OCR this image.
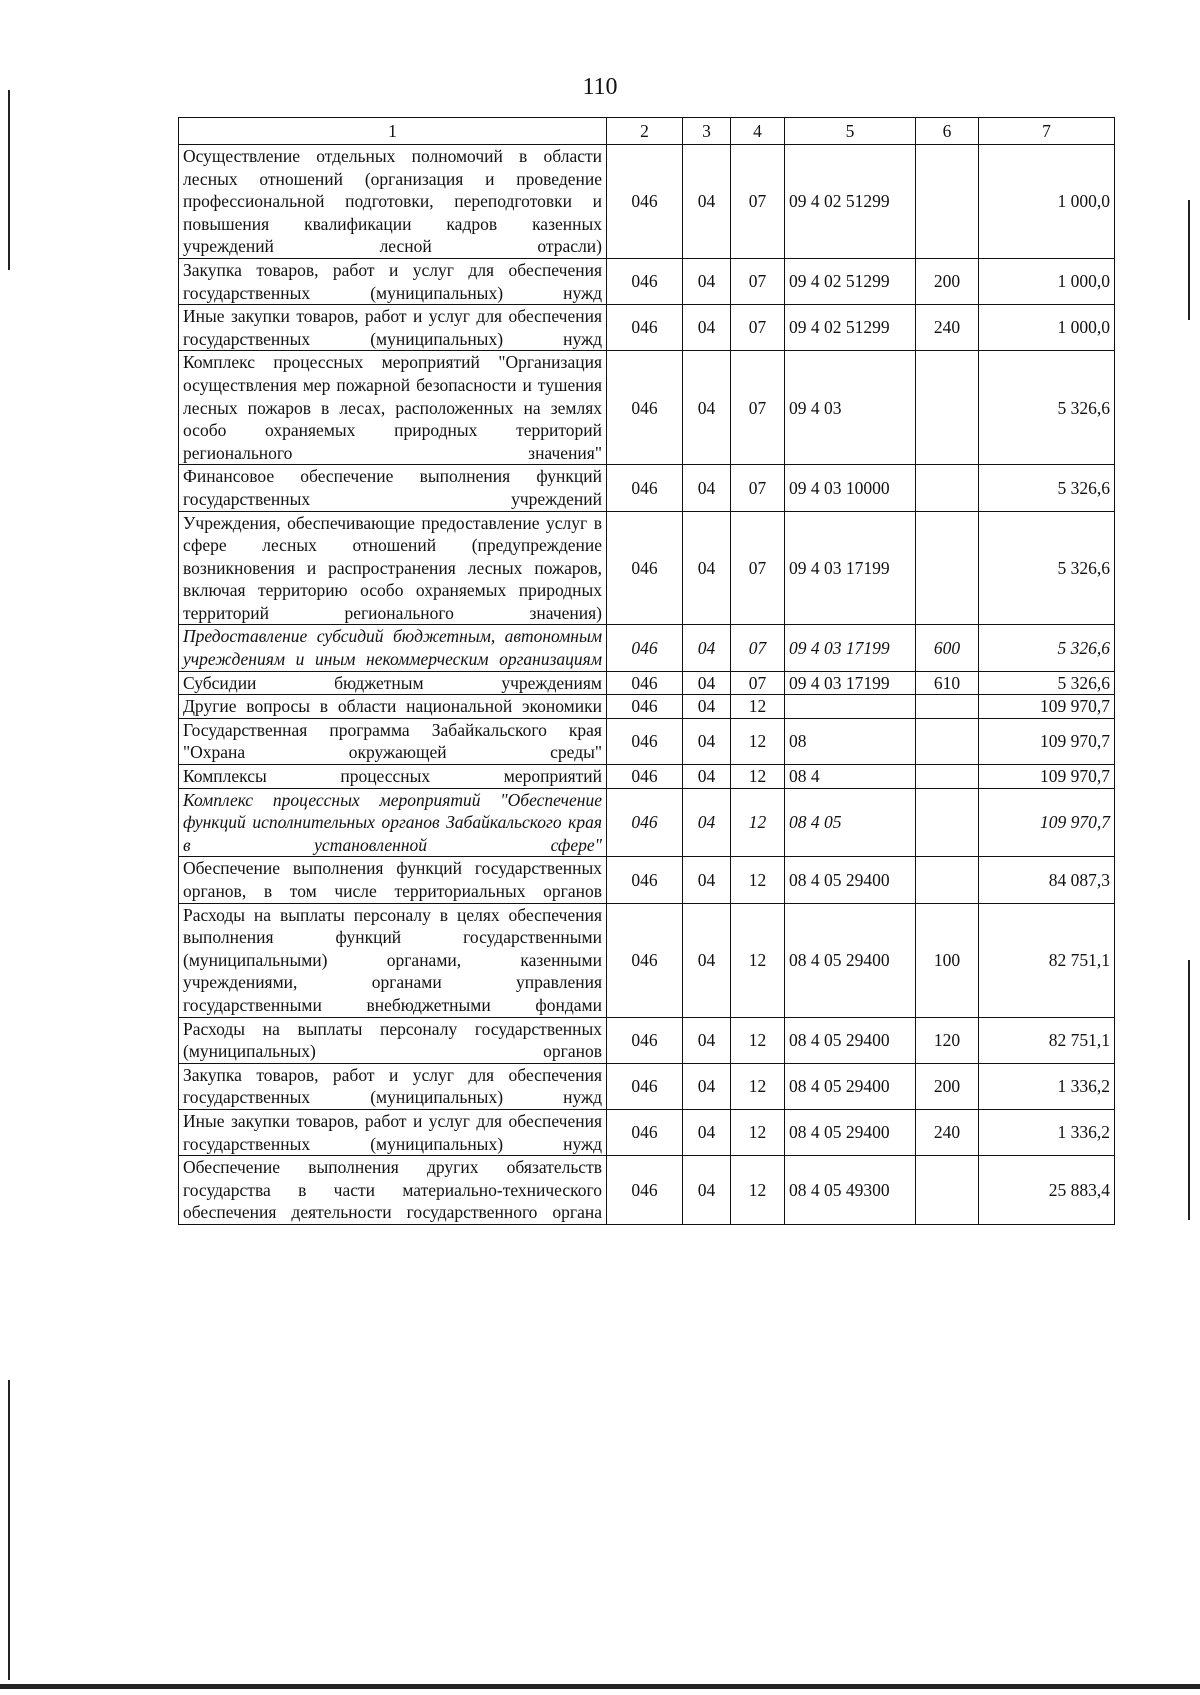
110
1	2	3	4	5	6	7
Осуществление отдельных полномочий в области лесных отношений (организация и проведение профессиональной подготовки, переподготовки и повышения квалификации кадров казенных учреждений лесной отрасли)	046	04	07	09 4 02 51299		1 000,0
Закупка товаров, работ и услуг для обеспечения государственных (муниципальных) нужд	046	04	07	09 4 02 51299	200	1 000,0
Иные закупки товаров, работ и услуг для обеспечения государственных (муниципальных) нужд	046	04	07	09 4 02 51299	240	1 000,0
Комплекс процессных мероприятий "Организация осуществления мер пожарной безопасности и тушения лесных пожаров в лесах, расположенных на землях особо охраняемых природных территорий регионального значения"	046	04	07	09 4 03		5 326,6
Финансовое обеспечение выполнения функций государственных учреждений	046	04	07	09 4 03 10000		5 326,6
Учреждения, обеспечивающие предоставление услуг в сфере лесных отношений (предупреждение возникновения и распространения лесных пожаров, включая территорию особо охраняемых природных территорий регионального значения)	046	04	07	09 4 03 17199		5 326,6
Предоставление субсидий бюджетным, автономным учреждениям и иным некоммерческим организациям	046	04	07	09 4 03 17199	600	5 326,6
Субсидии бюджетным учреждениям	046	04	07	09 4 03 17199	610	5 326,6
Другие вопросы в области национальной экономики	046	04	12			109 970,7
Государственная программа Забайкальского края "Охрана окружающей среды"	046	04	12	08		109 970,7
Комплексы процессных мероприятий	046	04	12	08 4		109 970,7
Комплекс процессных мероприятий "Обеспечение функций исполнительных органов Забайкальского края в установленной сфере"	046	04	12	08 4 05		109 970,7
Обеспечение выполнения функций государственных органов, в том числе территориальных органов	046	04	12	08 4 05 29400		84 087,3
Расходы на выплаты персоналу в целях обеспечения выполнения функций государственными (муниципальными) органами, казенными учреждениями, органами управления государственными внебюджетными фондами	046	04	12	08 4 05 29400	100	82 751,1
Расходы на выплаты персоналу государственных (муниципальных) органов	046	04	12	08 4 05 29400	120	82 751,1
Закупка товаров, работ и услуг для обеспечения государственных (муниципальных) нужд	046	04	12	08 4 05 29400	200	1 336,2
Иные закупки товаров, работ и услуг для обеспечения государственных (муниципальных) нужд	046	04	12	08 4 05 29400	240	1 336,2
Обеспечение выполнения других обязательств государства в части материально-технического обеспечения деятельности государственного органа	046	04	12	08 4 05 49300		25 883,4
